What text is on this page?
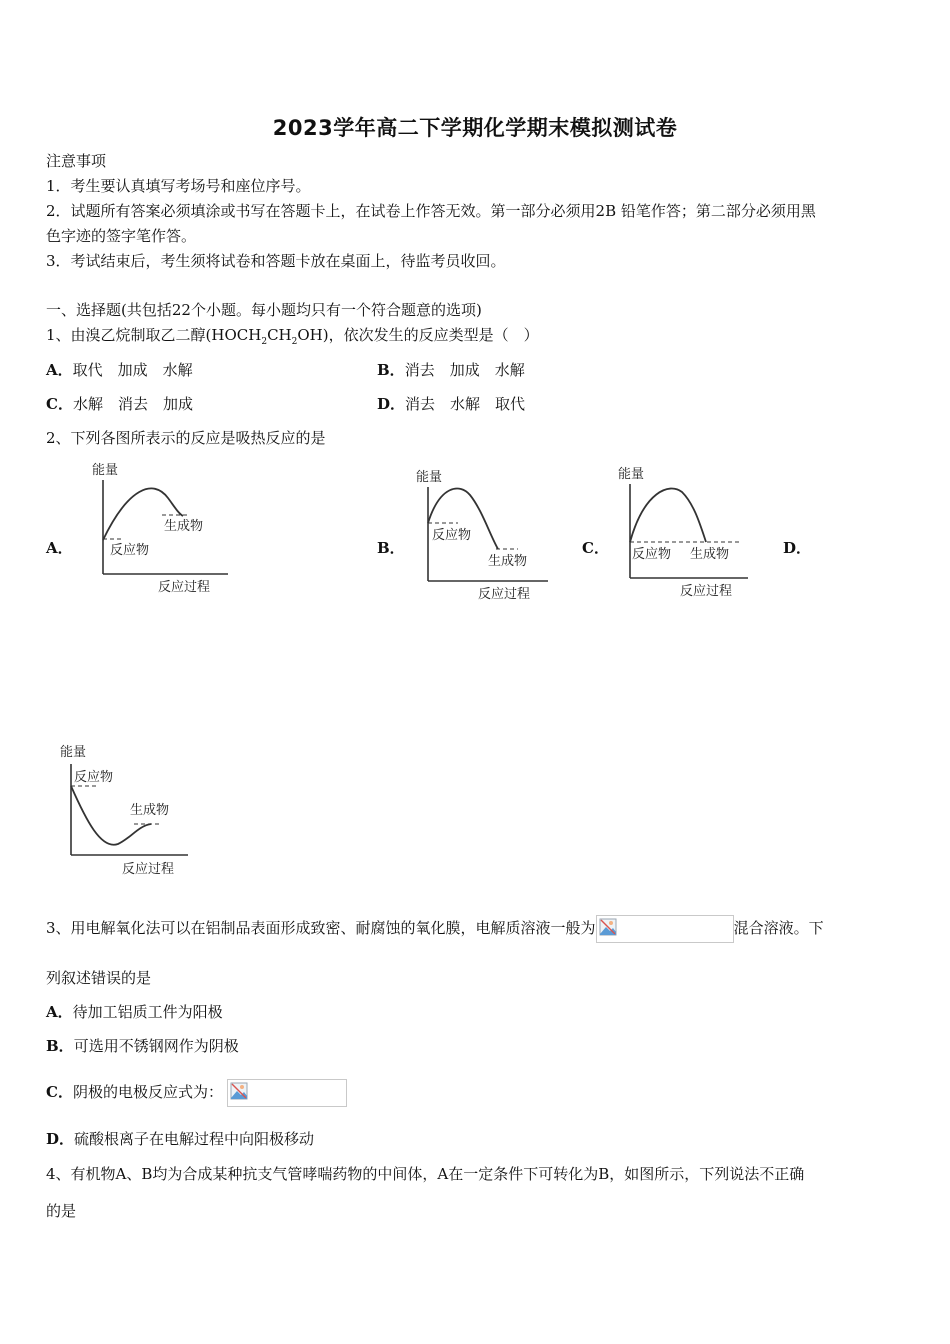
2023学年高二下学期化学期末模拟测试卷
注意事项
1．考生要认真填写考场号和座位序号。
2．试题所有答案必须填涂或书写在答题卡上，在试卷上作答无效。第一部分必须用2B 铅笔作答；第二部分必须用黑
色字迹的签字笔作答。
3．考试结束后，考生须将试卷和答题卡放在桌面上，待监考员收回。
一、选择题(共包括22个小题。每小题均只有一个符合题意的选项)
1、由溴乙烷制取乙二醇$(HOCH_2CH_2OH)$，依次发生的反应类型是（　）
A．取代　加成　水解	B．消去　加成　水解
C．水解　消去　加成	D．消去　水解　取代
2、下列各图所表示的反应是吸热反应的是
A．	B．	C．	D．
能量
反应物
生成物
反应过程
能量
反应物
生成物
反应过程
能量
反应物 生成物
反应过程
能量
反应物
生成物
反应过程
3、用电解氧化法可以在铝制品表面形成致密、耐腐蚀的氧化膜，电解质溶液一般为	混合溶液。下
列叙述错误的是
A．待加工铝质工件为阳极
B．可选用不锈钢网作为阴极
C．阴极的电极反应式为：
D．硫酸根离子在电解过程中向阳极移动
4、有机物A、B均为合成某种抗支气管哮喘药物的中间体，A在一定条件下可转化为B，如图所示，下列说法不正确
的是
